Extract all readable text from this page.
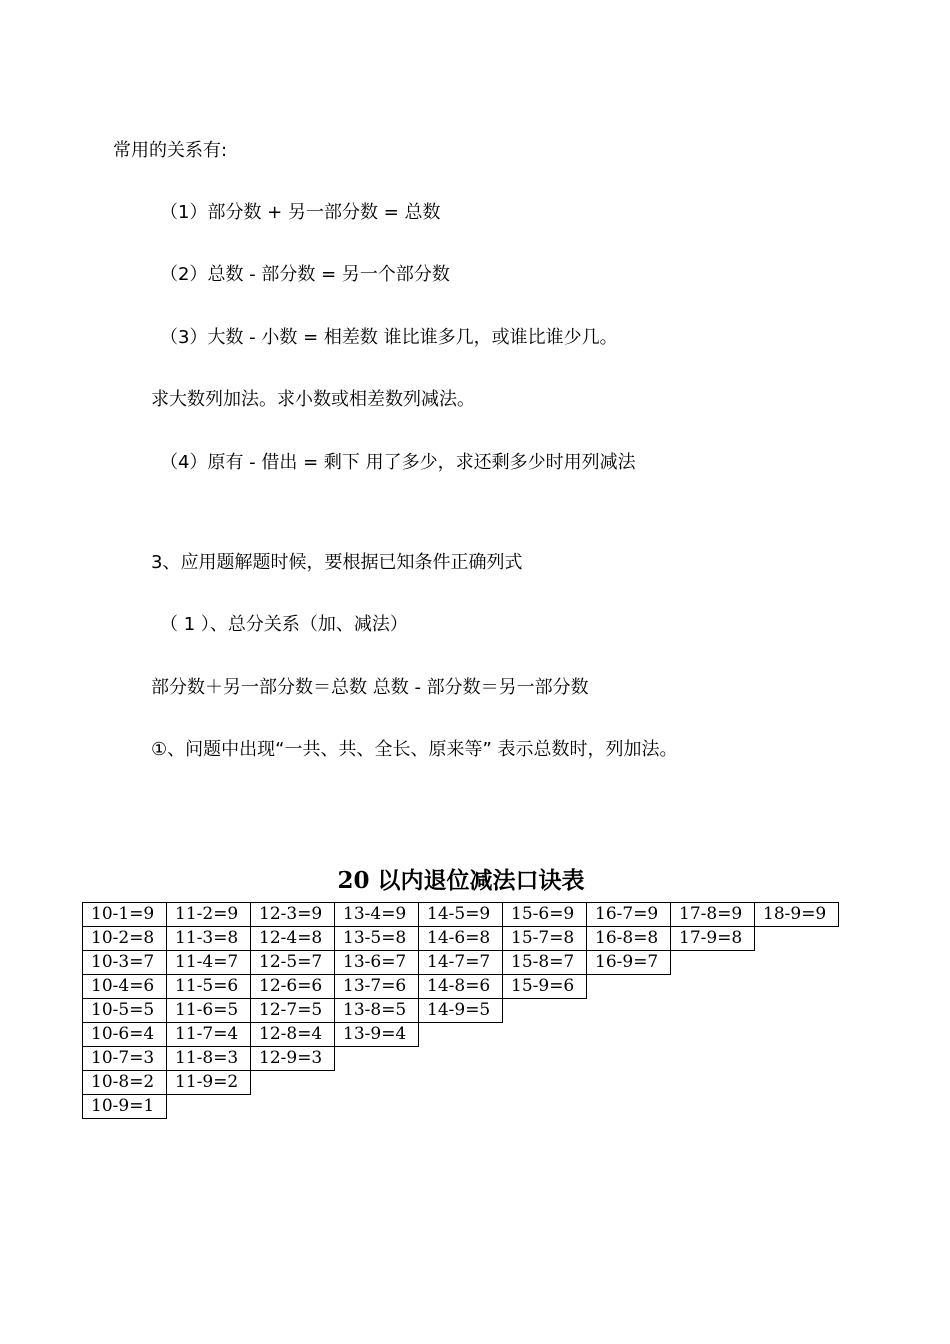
常用的关系有:
（1）部分数 + 另一部分数 = 总数
（2）总数 - 部分数 = 另一个部分数
（3）大数 - 小数 = 相差数 谁比谁多几，或谁比谁少几。
求大数列加法。求小数或相差数列减法。
（4）原有 - 借出 = 剩下 用了多少，求还剩多少时用列减法
3、应用题解题时候，要根据已知条件正确列式
（ 1 ）、总分关系（加、减法）
部分数＋另一部分数＝总数 总数 - 部分数＝另一部分数
①、问题中出现“一共、共、全长、原来等” 表示总数时，列加法。
20 以内退位减法口诀表
10-1=9
10-2=8
10-3=7
10-4=6
10-5=5
10-6=4
10-7=3
10-8=2
10-9=1
11-2=9
11-3=8
11-4=7
11-5=6
11-6=5
11-7=4
11-8=3
11-9=2
12-3=9
12-4=8
12-5=7
12-6=6
12-7=5
12-8=4
12-9=3
13-4=9
13-5=8
13-6=7
13-7=6
13-8=5
13-9=4
14-5=9
14-6=8
14-7=7
14-8=6
14-9=5
15-6=9
15-7=8
15-8=7
15-9=6
16-7=9
16-8=8
16-9=7
17-8=9
17-9=8
18-9=9
